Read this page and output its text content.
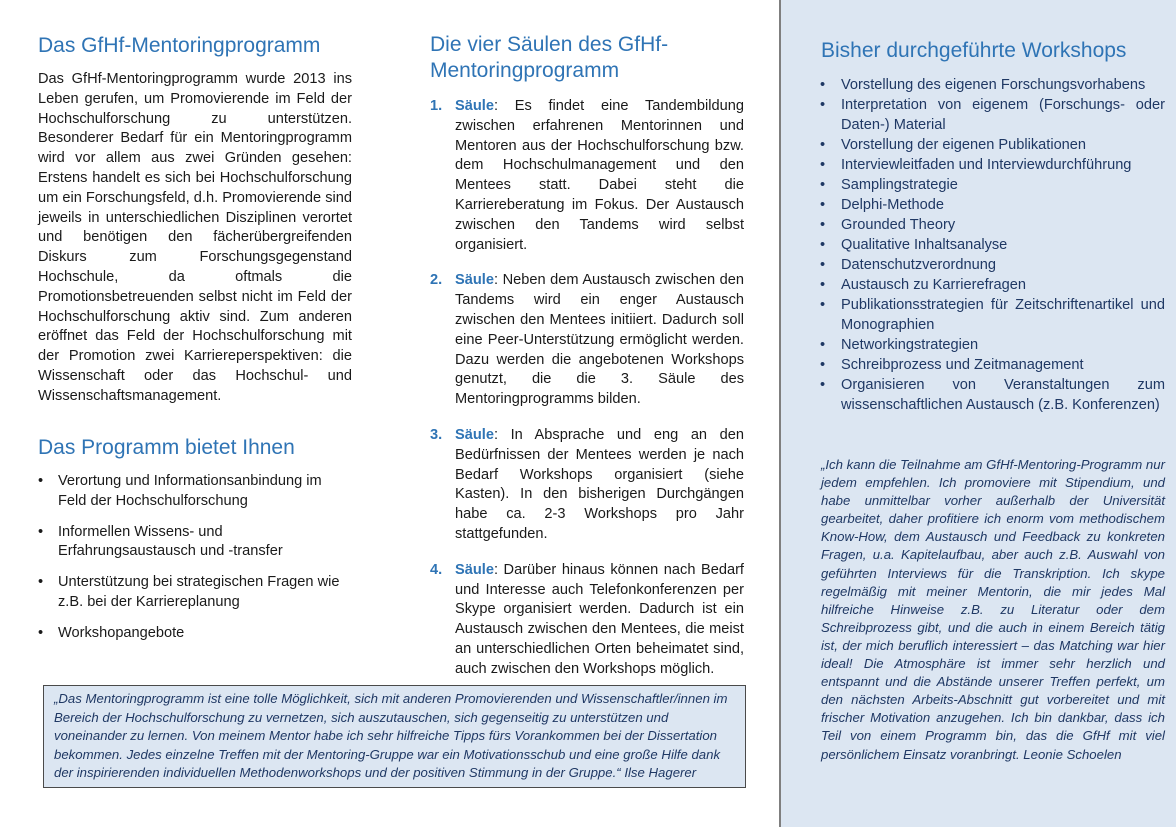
Das GfHf-Mentoringprogramm

Das GfHf-Mentoringprogramm wurde 2013 ins Leben gerufen, um Promovierende im Feld der Hochschulforschung zu unterstützen. Besonderer Bedarf für ein Mentoringprogramm wird vor allem aus zwei Gründen gesehen: Erstens handelt es sich bei Hochschulforschung um ein Forschungsfeld, d.h. Promovierende sind jeweils in unterschiedlichen Disziplinen verortet und benötigen den fächerübergreifenden Diskurs zum Forschungsgegenstand Hochschule, da oftmals die Promotionsbetreuenden selbst nicht im Feld der Hochschulforschung aktiv sind. Zum anderen eröffnet das Feld der Hochschulforschung mit der Promotion zwei Karriereperspektiven: die Wissenschaft oder das Hochschul- und Wissenschaftsmanagement.

Das Programm bietet Ihnen
• Verortung und Informationsanbindung im Feld der Hochschulforschung
• Informellen Wissens- und Erfahrungsaustausch und -transfer
• Unterstützung bei strategischen Fragen wie z.B. bei der Karriereplanung
• Workshopangebote
Die vier Säulen des GfHf-Mentoringprogramm
1. Säule: Es findet eine Tandembildung zwischen erfahrenen Mentorinnen und Mentoren aus der Hochschulforschung bzw. dem Hochschulmanagement und den Mentees statt. Dabei steht die Karriereberatung im Fokus. Der Austausch zwischen den Tandems wird selbst organisiert.
2. Säule: Neben dem Austausch zwischen den Tandems wird ein enger Austausch zwischen den Mentees initiiert. Dadurch soll eine Peer-Unterstützung ermöglicht werden. Dazu werden die angebotenen Workshops genutzt, die die 3. Säule des Mentoringprogramms bilden.
3. Säule: In Absprache und eng an den Bedürfnissen der Mentees werden je nach Bedarf Workshops organisiert (siehe Kasten). In den bisherigen Durchgängen habe ca. 2-3 Workshops pro Jahr stattgefunden.
4. Säule: Darüber hinaus können nach Bedarf und Interesse auch Telefonkonferenzen per Skype organisiert werden. Dadurch ist ein Austausch zwischen den Mentees, die meist an unterschiedlichen Orten beheimatet sind, auch zwischen den Workshops möglich.
„Das Mentoringprogramm ist eine tolle Möglichkeit, sich mit anderen Promovierenden und Wissenschaftler/innen im Bereich der Hochschulforschung zu vernetzen, sich auszutauschen, sich gegenseitig zu unterstützen und voneinander zu lernen. Von meinem Mentor habe ich sehr hilfreiche Tipps fürs Vorankommen bei der Dissertation bekommen. Jedes einzelne Treffen mit der Mentoring-Gruppe war ein Motivationsschub und eine große Hilfe dank der inspirierenden individuellen Methodenworkshops und der positiven Stimmung in der Gruppe.“ Ilse Hagerer
Bisher durchgeführte Workshops
• Vorstellung des eigenen Forschungsvorhabens
• Interpretation von eigenem (Forschungs- oder Daten-) Material
• Vorstellung der eigenen Publikationen
• Interviewleitfaden und Interviewdurchführung
• Samplingstrategie
• Delphi-Methode
• Grounded Theory
• Qualitative Inhaltsanalyse
• Datenschutzverordnung
• Austausch zu Karrierefragen
• Publikationsstrategien für Zeitschriftenartikel und Monographien
• Networkingstrategien
• Schreibprozess und Zeitmanagement
• Organisieren von Veranstaltungen zum wissenschaftlichen Austausch (z.B. Konferenzen)
„Ich kann die Teilnahme am GfHf-Mentoring-Programm nur jedem empfehlen. Ich promoviere mit Stipendium, und habe unmittelbar vorher außerhalb der Universität gearbeitet, daher profitiere ich enorm vom methodischem Know-How, dem Austausch und Feedback zu konkreten Fragen, u.a. Kapitelaufbau, aber auch z.B. Auswahl von geführten Interviews für die Transkription. Ich skype regelmäßig mit meiner Mentorin, die mir jedes Mal hilfreiche Hinweise z.B. zu Literatur oder dem Schreibprozess gibt, und die auch in einem Bereich tätig ist, der mich beruflich interessiert – das Matching war hier ideal! Die Atmosphäre ist immer sehr herzlich und entspannt und die Abstände unserer Treffen perfekt, um den nächsten Arbeits-Abschnitt gut vorbereitet und mit frischer Motivation anzugehen. Ich bin dankbar, dass ich Teil von einem Programm bin, das die GfHf mit viel persönlichem Einsatz voranbringt. Leonie Schoelen
